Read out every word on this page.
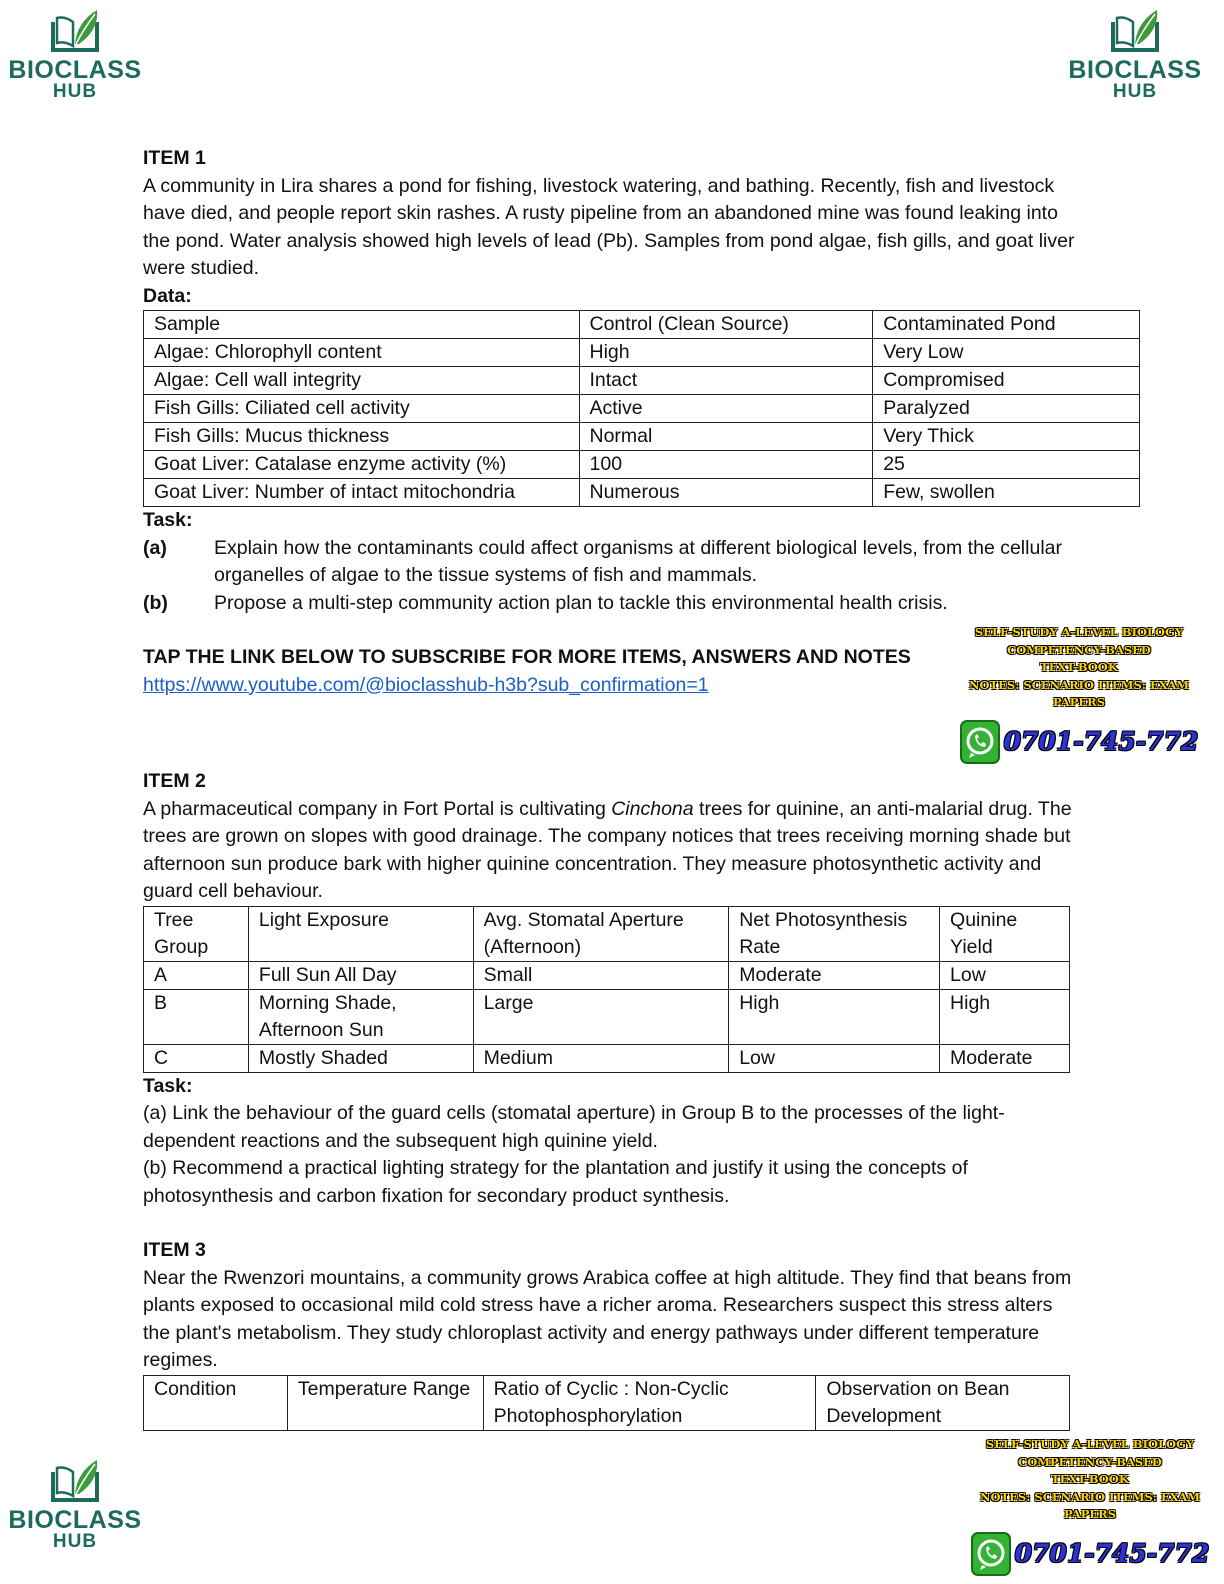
BIOCLASS
HUB
BIOCLASS
HUB
BIOCLASS
HUB
ITEM 1

A community in Lira shares a pond for fishing, livestock watering, and bathing. Recently, fish and livestock have died, and people report skin rashes. A rusty pipeline from an abandoned mine was found leaking into the pond. Water analysis showed high levels of lead (Pb). Samples from pond algae, fish gills, and goat liver were studied.

Data:
Sample	Control (Clean Source)	Contaminated Pond
Algae: Chlorophyll content	High	Very Low
Algae: Cell wall integrity	Intact	Compromised
Fish Gills: Ciliated cell activity	Active	Paralyzed
Fish Gills: Mucus thickness	Normal	Very Thick
Goat Liver: Catalase enzyme activity (%)	100	25
Goat Liver: Number of intact mitochondria	Numerous	Few, swollen
Task:
(a)	Explain how the contaminants could affect organisms at different biological levels, from the cellular organelles of algae to the tissue systems of fish and mammals.
(b)	Propose a multi-step community action plan to tackle this environmental health crisis.
TAP THE LINK BELOW TO SUBSCRIBE FOR MORE ITEMS, ANSWERS AND NOTES
https://www.youtube.com/@bioclasshub-h3b?sub_confirmation=1
ITEM 2

A pharmaceutical company in Fort Portal is cultivating Cinchona trees for quinine, an anti-malarial drug. The trees are grown on slopes with good drainage. The company notices that trees receiving morning shade but afternoon sun produce bark with higher quinine concentration. They measure photosynthetic activity and guard cell behaviour.

Tree Group	Light Exposure	Avg. Stomatal Aperture (Afternoon)	Net Photosynthesis Rate	Quinine Yield
A	Full Sun All Day	Small	Moderate	Low
B	Morning Shade, Afternoon Sun	Large	High	High
C	Mostly Shaded	Medium	Low	Moderate
Task:

(a) Link the behaviour of the guard cells (stomatal aperture) in Group B to the processes of the light-dependent reactions and the subsequent high quinine yield.

(b) Recommend a practical lighting strategy for the plantation and justify it using the concepts of photosynthesis and carbon fixation for secondary product synthesis.

ITEM 3

Near the Rwenzori mountains, a community grows Arabica coffee at high altitude. They find that beans from plants exposed to occasional mild cold stress have a richer aroma. Researchers suspect this stress alters the plant's metabolism. They study chloroplast activity and energy pathways under different temperature regimes.

Condition	Temperature Range	Ratio of Cyclic : Non-Cyclic Photophosphorylation	Observation on Bean Development
SELF-STUDY A-LEVEL BIOLOGY
COMPETENCY-BASED
TEXT-BOOK
NOTES: SCENARIO ITEMS: EXAM PAPERS
0701-745-772
SELF-STUDY A-LEVEL BIOLOGY
COMPETENCY-BASED
TEXT-BOOK
NOTES: SCENARIO ITEMS: EXAM PAPERS
0701-745-772
